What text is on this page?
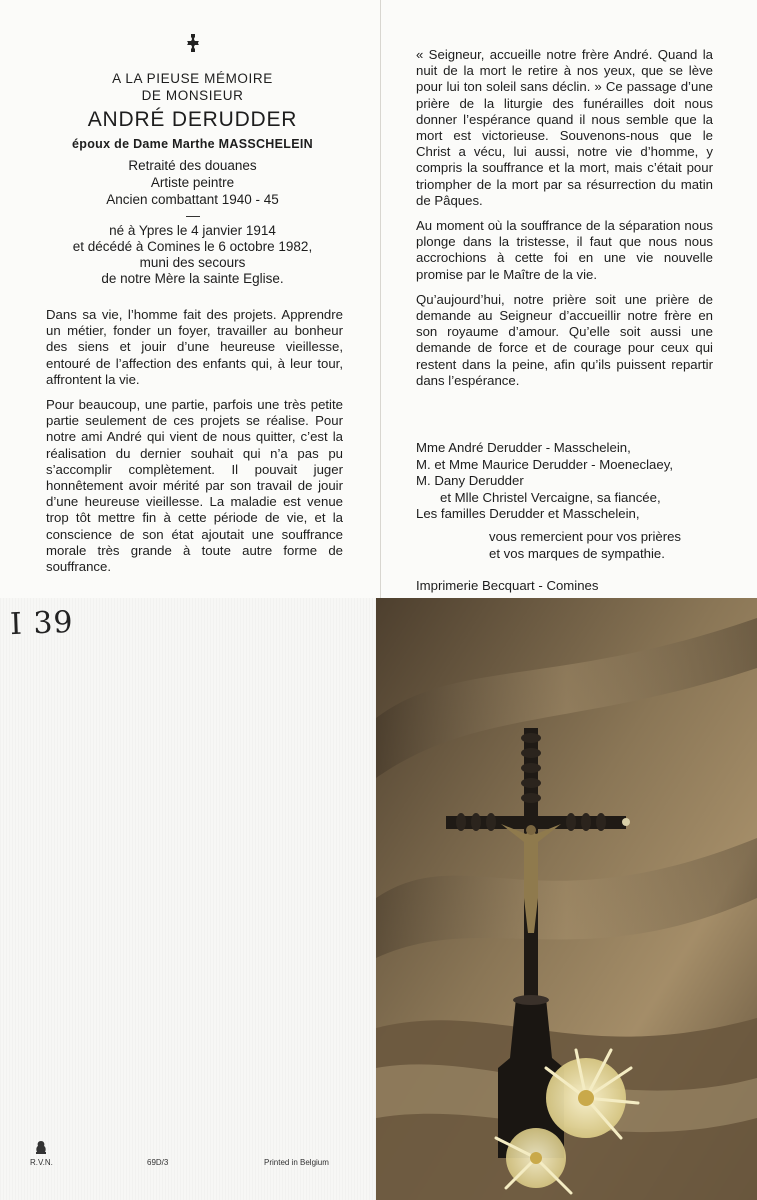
A LA PIEUSE MÉMOIRE
DE MONSIEUR
ANDRÉ DERUDDER
époux de Dame Marthe MASSCHELEIN
Retraité des douanes
Artiste peintre
Ancien combattant 1940 - 45
né à Ypres le 4 janvier 1914
et décédé à Comines le 6 octobre 1982,
muni des secours
de notre Mère la sainte Eglise.

Dans sa vie, l’homme fait des projets. Apprendre un métier, fonder un foyer, travailler au bonheur des siens et jouir d’une heureuse vieillesse, entouré de l’affection des enfants qui, à leur tour, affrontent la vie.

Pour beaucoup, une partie, parfois une très petite partie seulement de ces projets se réalise. Pour notre ami André qui vient de nous quitter, c’est la réalisation du dernier souhait qui n’a pas pu s’accomplir complètement. Il pouvait juger honnêtement avoir mérité par son travail de jouir d’une heureuse vieillesse. La maladie est venue trop tôt mettre fin à cette période de vie, et la conscience de son état ajoutait une souffrance morale très grande à toute autre forme de souffrance.

« Seigneur, accueille notre frère André. Quand la nuit de la mort le retire à nos yeux, que se lève pour lui ton soleil sans déclin. » Ce passage d’une prière de la liturgie des funérailles doit nous donner l’espérance quand il nous semble que la mort est victorieuse. Souvenons-nous que le Christ a vécu, lui aussi, notre vie d’homme, y compris la souffrance et la mort, mais c’était pour triompher de la mort par sa résurrection du matin de Pâques.

Au moment où la souffrance de la séparation nous plonge dans la tristesse, il faut que nous nous accrochions à cette foi en une vie nouvelle promise par le Maître de la vie.

Qu’aujourd’hui, notre prière soit une prière de demande au Seigneur d’accueillir notre frère en son royaume d’amour. Qu’elle soit aussi une demande de force et de courage pour ceux qui restent dans la peine, afin qu’ils puissent repartir dans l’espérance.

Mme André Derudder - Masschelein,
M. et Mme Maurice Derudder - Moeneclaey,
M. Dany Derudder
et Mlle Christel Vercaigne, sa fiancée,
Les familles Derudder et Masschelein,
vous remercient pour vos prières
et vos marques de sympathie.
Imprimerie Becquart - Comines
I 39
R.V.N.	69D/3	Printed in Belgium
